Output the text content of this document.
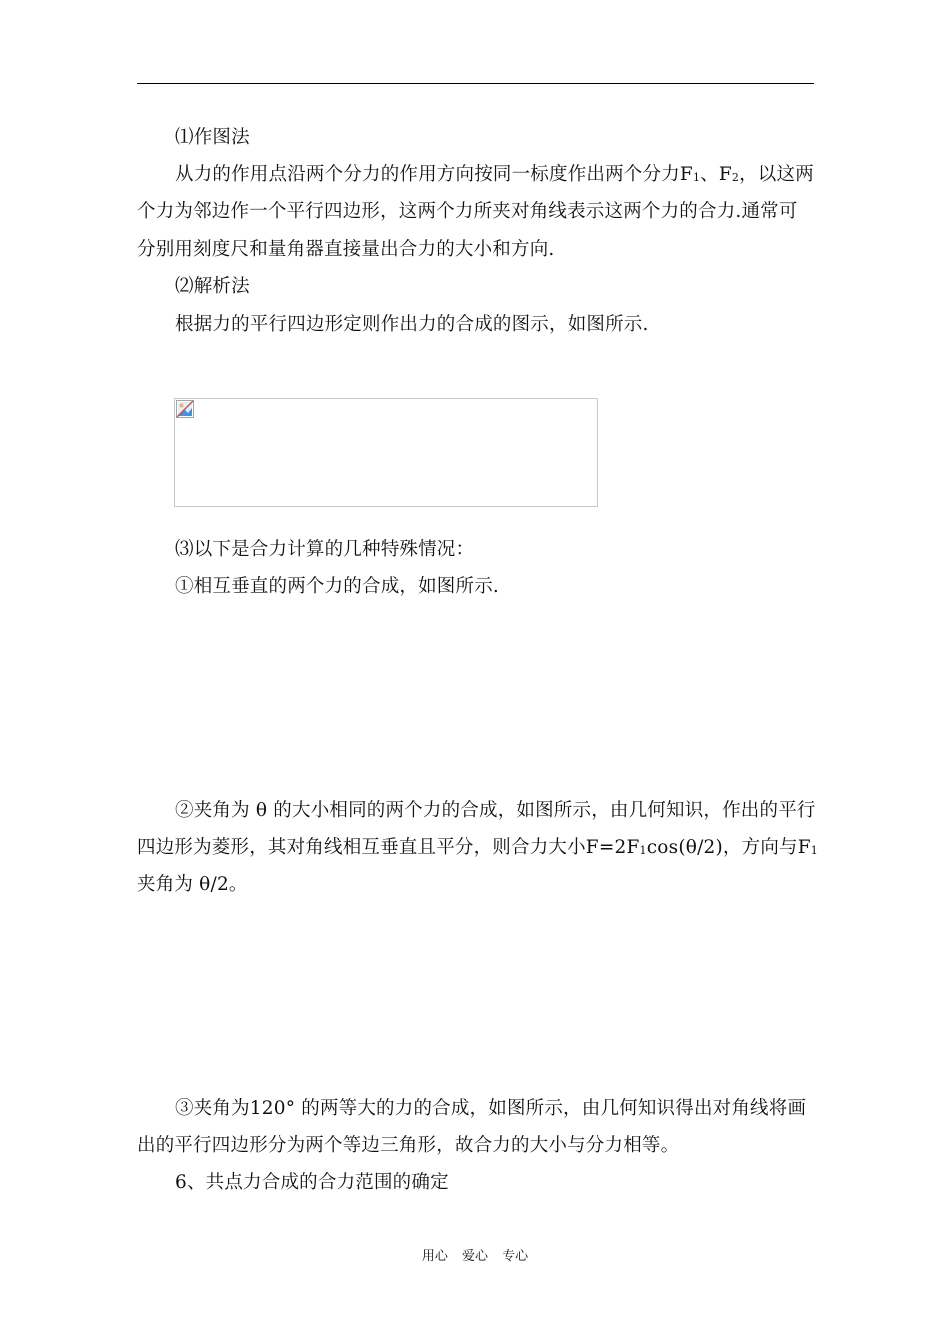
⑴作图法
从力的作用点沿两个分力的作用方向按同一标度作出两个分力$F_1$、$F_2$，以这两
个力为邻边作一个平行四边形，这两个力所夹对角线表示这两个力的合力.通常可
分别用刻度尺和量角器直接量出合力的大小和方向.
⑵解析法
根据力的平行四边形定则作出力的合成的图示，如图所示.
⑶以下是合力计算的几种特殊情况：
①相互垂直的两个力的合成，如图所示.
②夹角为 θ 的大小相同的两个力的合成，如图所示，由几何知识，作出的平行
四边形为菱形，其对角线相互垂直且平分，则合力大小$F=2F_1\cos(\theta/2)$，方向与$F_1$
夹角为 θ/2。
③夹角为120° 的两等大的力的合成，如图所示，由几何知识得出对角线将画
出的平行四边形分为两个等边三角形，故合力的大小与分力相等。
6、共点力合成的合力范围的确定
用心 爱心 专心
